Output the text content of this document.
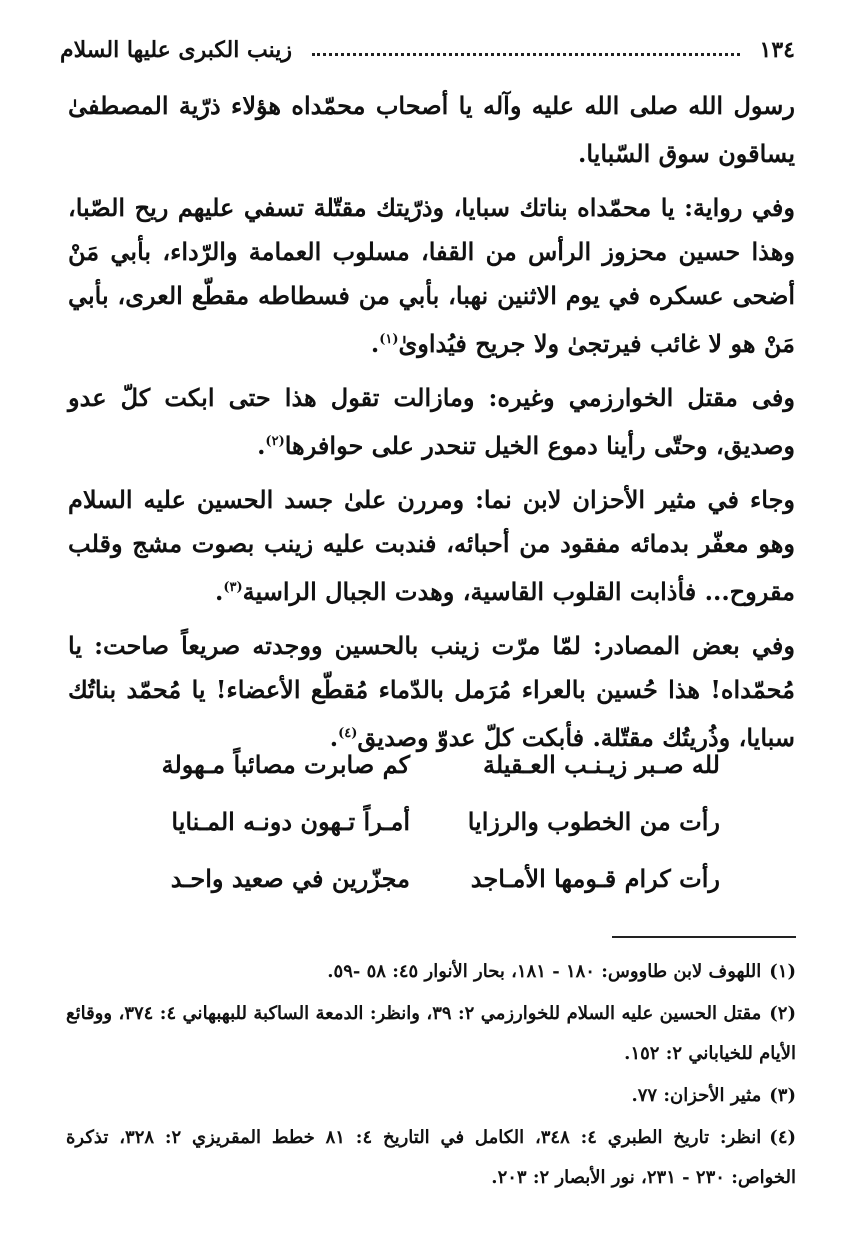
١٣٤
زينب الكبرى عليها السلام

رسول الله صلى الله عليه وآله يا أصحاب محمّداه هؤلاء ذرّية المصطفىٰ يساقون سوق السّبايا.

وفي رواية: يا محمّداه بناتك سبايا، وذرّيتك مقتّلة تسفي عليهم ريح الصّبا، وهذا حسين محزوز الرأس من القفا، مسلوب العمامة والرّداء، بأبي مَنْ أضحى عسكره في يوم الاثنين نهبا، بأبي من فسطاطه مقطّع العرى، بأبي مَنْ هو لا غائب فيرتجىٰ ولا جريح فيُداوىٰ$^{(١)}$.

وفى مقتل الخوارزمي وغيره: ومازالت تقول هذا حتى ابكت كلّ عدو وصديق، وحتّى رأينا دموع الخيل تنحدر على حوافرها$^{(٢)}$.

وجاء في مثير الأحزان لابن نما: ومررن علىٰ جسد الحسين عليه السلام وهو معفّر بدمائه مفقود من أحبائه، فندبت عليه زينب بصوت مشج وقلب مقروح... فأذابت القلوب القاسية، وهدت الجبال الراسية$^{(٣)}$.

وفي بعض المصادر: لمّا مرّت زينب بالحسين ووجدته صريعاً صاحت: يا مُحمّداه! هذا حُسين بالعراء مُرَمل بالدّماء مُقطّع الأعضاء! يا مُحمّد بناتُك سبايا، وذُريتُك مقتّلة. فأبكت كلّ عدوّ وصديق$^{(٤)}$.

لله صـبر زيـنـب العـقيلة
كم صابرت مصائباً مـهولة
رأت من الخطوب والرزايا
أمـراً تـهون دونـه المـنايا
رأت كرام قـومها الأمـاجد
مجزّرين في صعيد واحـد
(١)اللهوف لابن طاووس: ١٨٠ - ١٨١، بحار الأنوار ٤٥: ٥٨ -٥٩.
(٢)مقتل الحسين عليه السلام للخوارزمي ٢: ٣٩، وانظر: الدمعة الساكبة للبهبهاني ٤: ٣٧٤، ووقائع الأيام للخياباني ٢: ١٥٢.
(٣)مثير الأحزان: ٧٧.
(٤)انظر: تاريخ الطبري ٤: ٣٤٨، الكامل في التاريخ ٤: ٨١ خطط المقريزي ٢: ٣٢٨، تذكرة الخواص: ٢٣٠ - ٢٣١، نور الأبصار ٢: ٢٠٣.
